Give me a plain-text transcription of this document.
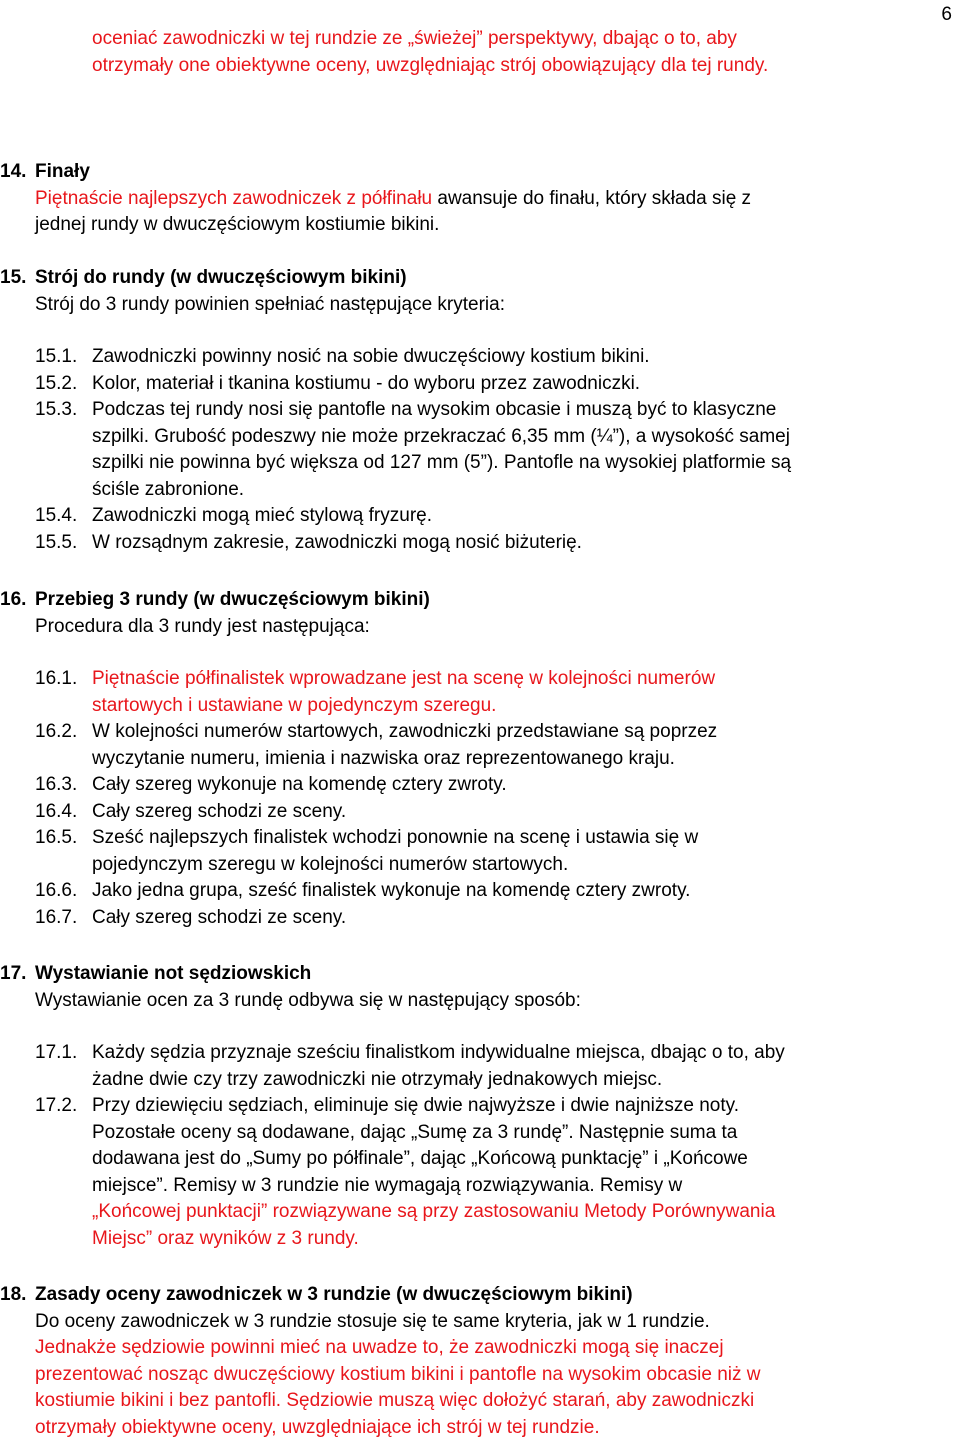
6
oceniać zawodniczki w tej rundzie ze „świeżej” perspektywy, dbając o to, aby
otrzymały one obiektywne oceny, uwzględniając strój obowiązujący dla tej rundy.
14. Finały
Piętnaście najlepszych zawodniczek z półfinału awansuje do finału, który składa się z
jednej rundy w dwuczęściowym kostiumie bikini.
15. Strój do rundy (w dwuczęściowym bikini)
Strój do 3 rundy powinien spełniać następujące kryteria:
15.1. Zawodniczki powinny nosić na sobie dwuczęściowy kostium bikini.
15.2. Kolor, materiał i tkanina kostiumu - do wyboru przez zawodniczki.
15.3. Podczas tej rundy nosi się pantofle na wysokim obcasie i muszą być to klasyczne
szpilki. Grubość podeszwy nie może przekraczać 6,35 mm (¼”), a wysokość samej
szpilki nie powinna być większa od 127 mm (5”). Pantofle na wysokiej platformie są
ściśle zabronione.
15.4. Zawodniczki mogą mieć stylową fryzurę.
15.5. W rozsądnym zakresie, zawodniczki mogą nosić biżuterię.
16. Przebieg 3 rundy (w dwuczęściowym bikini)
Procedura dla 3 rundy jest następująca:
16.1. Piętnaście półfinalistek wprowadzane jest na scenę w kolejności numerów
startowych i ustawiane w pojedynczym szeregu.
16.2. W kolejności numerów startowych, zawodniczki przedstawiane są poprzez
wyczytanie numeru, imienia i nazwiska oraz reprezentowanego kraju.
16.3. Cały szereg wykonuje na komendę cztery zwroty.
16.4. Cały szereg schodzi ze sceny.
16.5. Sześć najlepszych finalistek wchodzi ponownie na scenę i ustawia się w
pojedynczym szeregu w kolejności numerów startowych.
16.6. Jako jedna grupa, sześć finalistek wykonuje na komendę cztery zwroty.
16.7. Cały szereg schodzi ze sceny.
17. Wystawianie not sędziowskich
Wystawianie ocen za 3 rundę odbywa się w następujący sposób:
17.1. Każdy sędzia przyznaje sześciu finalistkom indywidualne miejsca, dbając o to, aby
żadne dwie czy trzy zawodniczki nie otrzymały jednakowych miejsc.
17.2. Przy dziewięciu sędziach, eliminuje się dwie najwyższe i dwie najniższe noty.
Pozostałe oceny są dodawane, dając „Sumę za 3 rundę”. Następnie suma ta
dodawana jest do „Sumy po półfinale”, dając „Końcową punktację” i „Końcowe
miejsce”. Remisy w 3 rundzie nie wymagają rozwiązywania. Remisy w
„Końcowej punktacji” rozwiązywane są przy zastosowaniu Metody Porównywania
Miejsc” oraz wyników z 3 rundy.
18. Zasady oceny zawodniczek w 3 rundzie (w dwuczęściowym bikini)
Do oceny zawodniczek w 3 rundzie stosuje się te same kryteria, jak w 1 rundzie.
Jednakże sędziowie powinni mieć na uwadze to, że zawodniczki mogą się inaczej
prezentować nosząc dwuczęściowy kostium bikini i pantofle na wysokim obcasie niż w
kostiumie bikini i bez pantofli. Sędziowie muszą więc dołożyć starań, aby zawodniczki
otrzymały obiektywne oceny, uwzględniające ich strój w tej rundzie.
